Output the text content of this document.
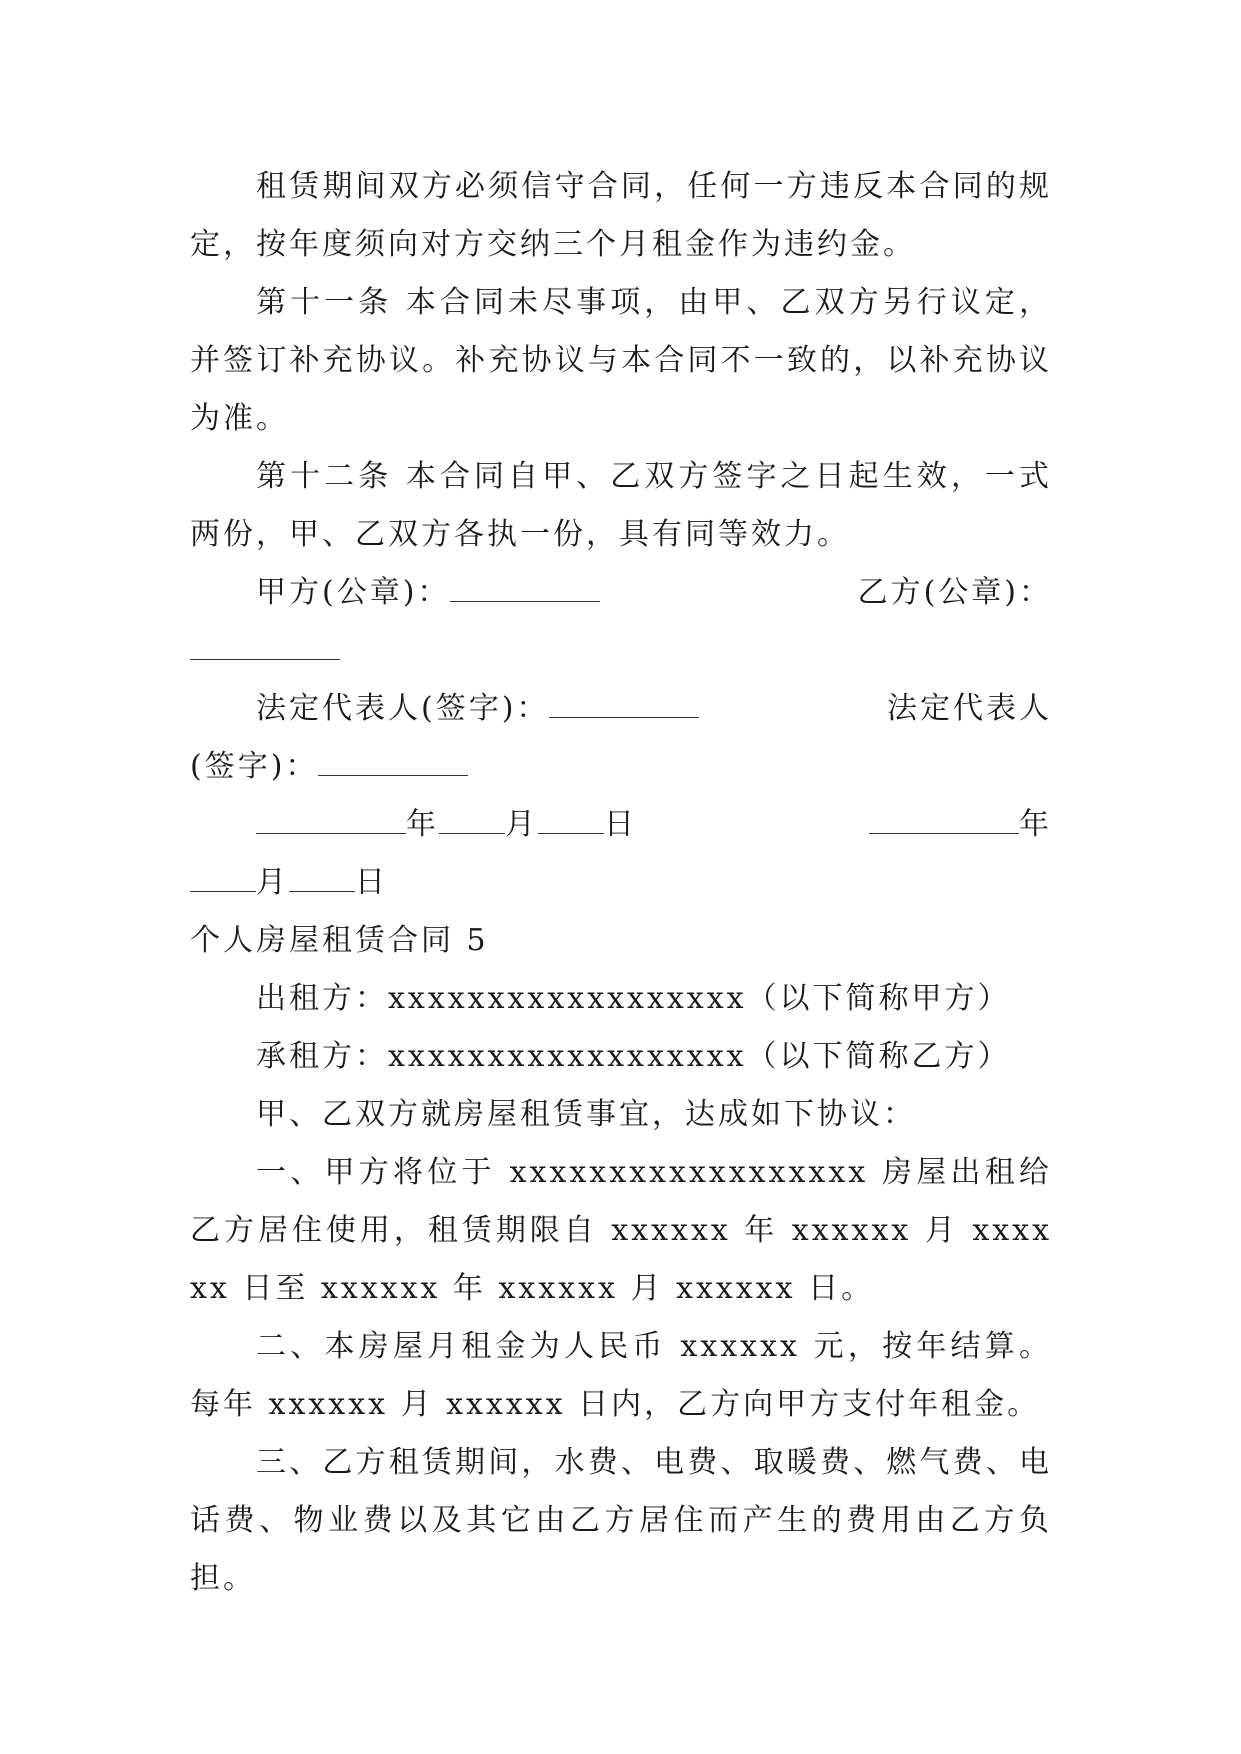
租赁期间双方必须信守合同，任何一方违反本合同的规定，按年度须向对方交纳三个月租金作为违约金。

第十一条 本合同未尽事项，由甲、乙双方另行议定，并签订补充协议。补充协议与本合同不一致的，以补充协议为准。

第十二条 本合同自甲、乙双方签字之日起生效，一式两份，甲、乙双方各执一份，具有同等效力。

甲方(公章)：	乙方(公章)：
法定代表人(签字)：	法定代表人
(签字)：
年 月 日	年
月 日

个人房屋租赁合同 5

出租方：xxxxxxxxxxxxxxxxxx（以下简称甲方）

承租方：xxxxxxxxxxxxxxxxxx（以下简称乙方）

甲、乙双方就房屋租赁事宜，达成如下协议：

一、甲方将位于 xxxxxxxxxxxxxxxxxx 房屋出租给乙方居住使用，租赁期限自 xxxxxx 年 xxxxxx 月 xxxxxx 日至 xxxxxx 年 xxxxxx 月 xxxxxx 日。

二、本房屋月租金为人民币 xxxxxx 元，按年结算。每年 xxxxxx 月 xxxxxx 日内，乙方向甲方支付年租金。

三、乙方租赁期间，水费、电费、取暖费、燃气费、电话费、物业费以及其它由乙方居住而产生的费用由乙方负担。
